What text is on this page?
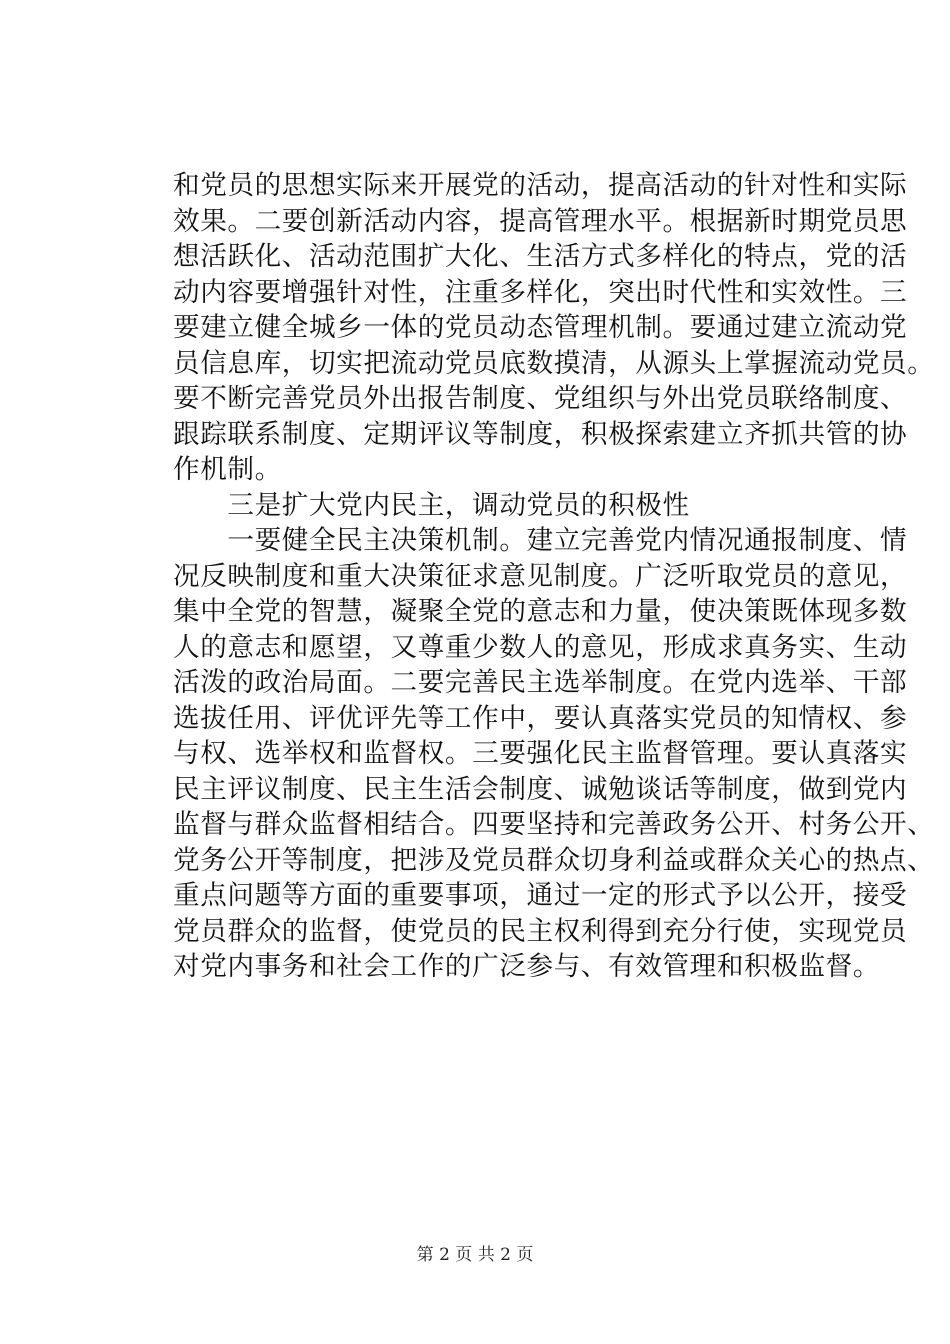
和党员的思想实际来开展党的活动，提高活动的针对性和实际
效果。二要创新活动内容，提高管理水平。根据新时期党员思
想活跃化、活动范围扩大化、生活方式多样化的特点，党的活
动内容要增强针对性，注重多样化，突出时代性和实效性。三
要建立健全城乡一体的党员动态管理机制。要通过建立流动党
员信息库，切实把流动党员底数摸清，从源头上掌握流动党员。
要不断完善党员外出报告制度、党组织与外出党员联络制度、
跟踪联系制度、定期评议等制度，积极探索建立齐抓共管的协
作机制。
　　三是扩大党内民主，调动党员的积极性
　　一要健全民主决策机制。建立完善党内情况通报制度、情
况反映制度和重大决策征求意见制度。广泛听取党员的意见，
集中全党的智慧，凝聚全党的意志和力量，使决策既体现多数
人的意志和愿望，又尊重少数人的意见，形成求真务实、生动
活泼的政治局面。二要完善民主选举制度。在党内选举、干部
选拔任用、评优评先等工作中，要认真落实党员的知情权、参
与权、选举权和监督权。三要强化民主监督管理。要认真落实
民主评议制度、民主生活会制度、诚勉谈话等制度，做到党内
监督与群众监督相结合。四要坚持和完善政务公开、村务公开、
党务公开等制度，把涉及党员群众切身利益或群众关心的热点、
重点问题等方面的重要事项，通过一定的形式予以公开，接受
党员群众的监督，使党员的民主权利得到充分行使，实现党员
对党内事务和社会工作的广泛参与、有效管理和积极监督。
第 2 页 共 2 页
